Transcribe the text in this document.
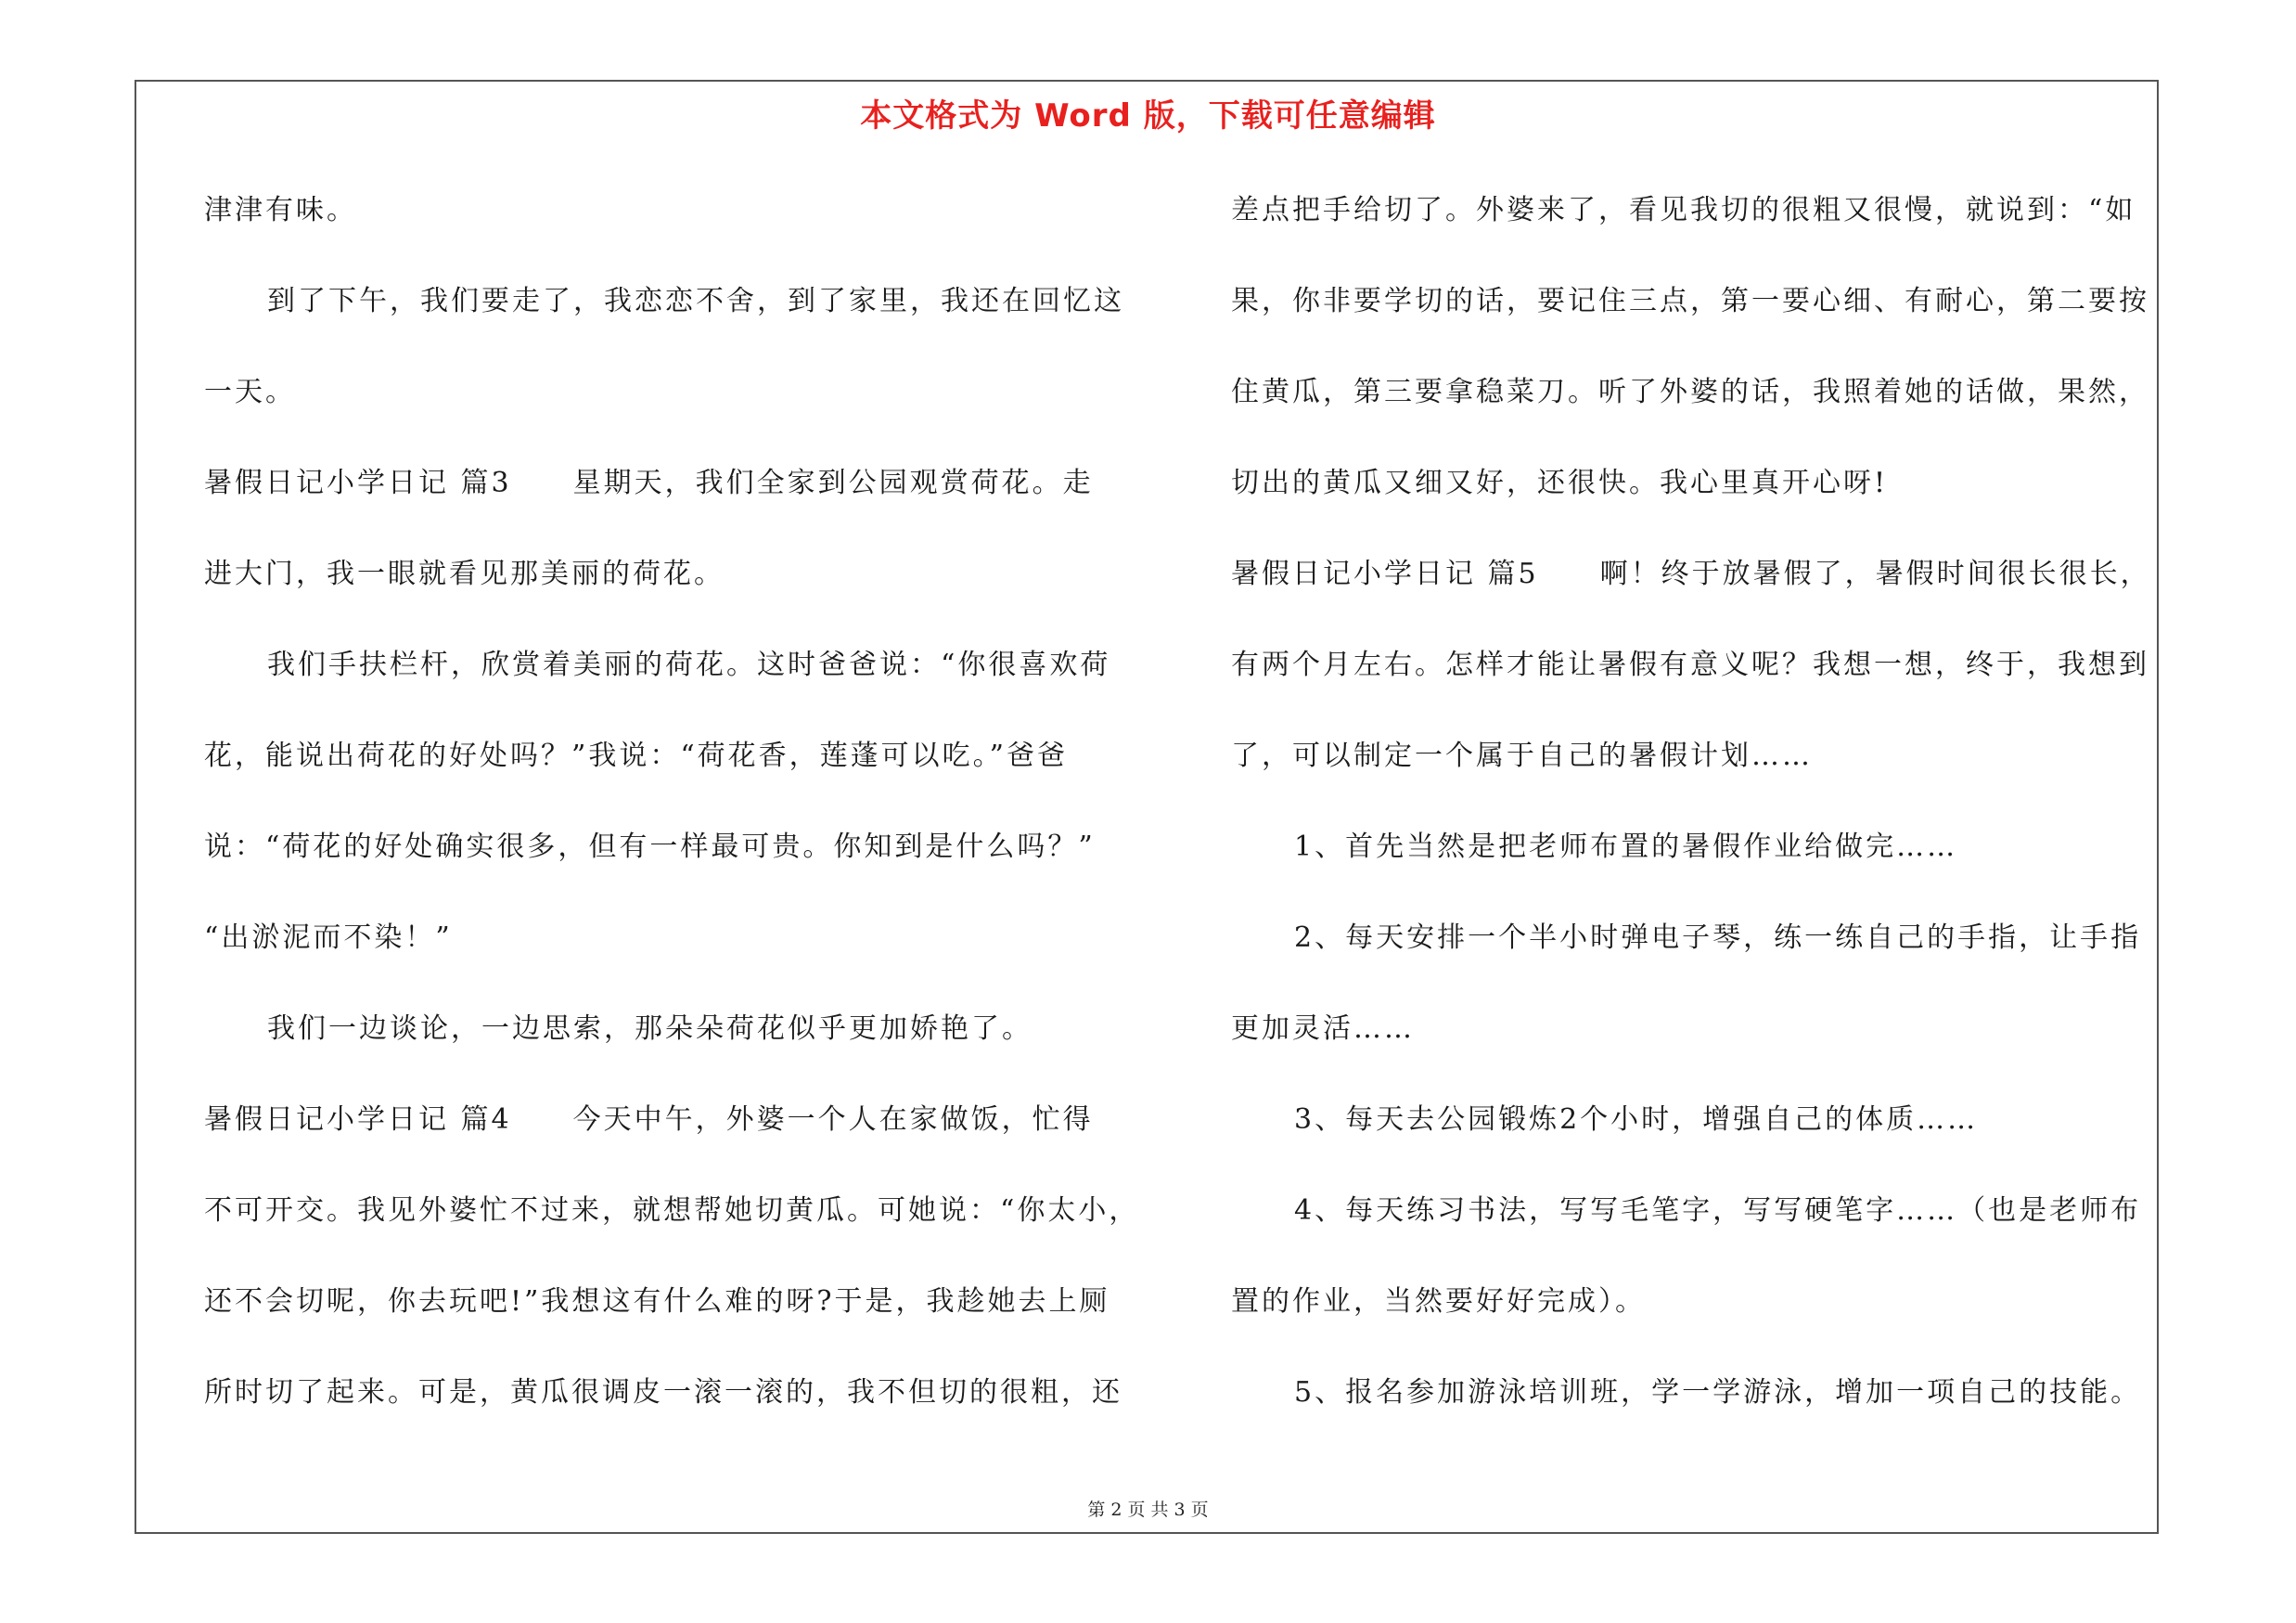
本文格式为 Word 版，下载可任意编辑
津津有味。
到了下午，我们要走了，我恋恋不舍，到了家里，我还在回忆这
一天。
暑假日记小学日记 篇3　　星期天，我们全家到公园观赏荷花。走
进大门，我一眼就看见那美丽的荷花。
我们手扶栏杆，欣赏着美丽的荷花。这时爸爸说：“你很喜欢荷
花，能说出荷花的好处吗？”我说：“荷花香，莲蓬可以吃。”爸爸
说：“荷花的好处确实很多，但有一样最可贵。你知到是什么吗？”
“出淤泥而不染！”
我们一边谈论，一边思索，那朵朵荷花似乎更加娇艳了。
暑假日记小学日记 篇4　　今天中午，外婆一个人在家做饭，忙得
不可开交。我见外婆忙不过来，就想帮她切黄瓜。可她说：“你太小，
还不会切呢，你去玩吧!”我想这有什么难的呀?于是，我趁她去上厕
所时切了起来。可是，黄瓜很调皮一滚一滚的，我不但切的很粗，还
差点把手给切了。外婆来了，看见我切的很粗又很慢，就说到：“如
果，你非要学切的话，要记住三点，第一要心细、有耐心，第二要按
住黄瓜，第三要拿稳菜刀。听了外婆的话，我照着她的话做，果然，
切出的黄瓜又细又好，还很快。我心里真开心呀!
暑假日记小学日记 篇5　　啊！终于放暑假了，暑假时间很长很长，
有两个月左右。怎样才能让暑假有意义呢？我想一想，终于，我想到
了，可以制定一个属于自己的暑假计划……
1、首先当然是把老师布置的暑假作业给做完……
2、每天安排一个半小时弹电子琴，练一练自己的手指，让手指
更加灵活……
3、每天去公园锻炼2个小时，增强自己的体质……
4、每天练习书法，写写毛笔字，写写硬笔字……（也是老师布
置的作业，当然要好好完成）。
5、报名参加游泳培训班，学一学游泳，增加一项自己的技能。
第 2 页 共 3 页
